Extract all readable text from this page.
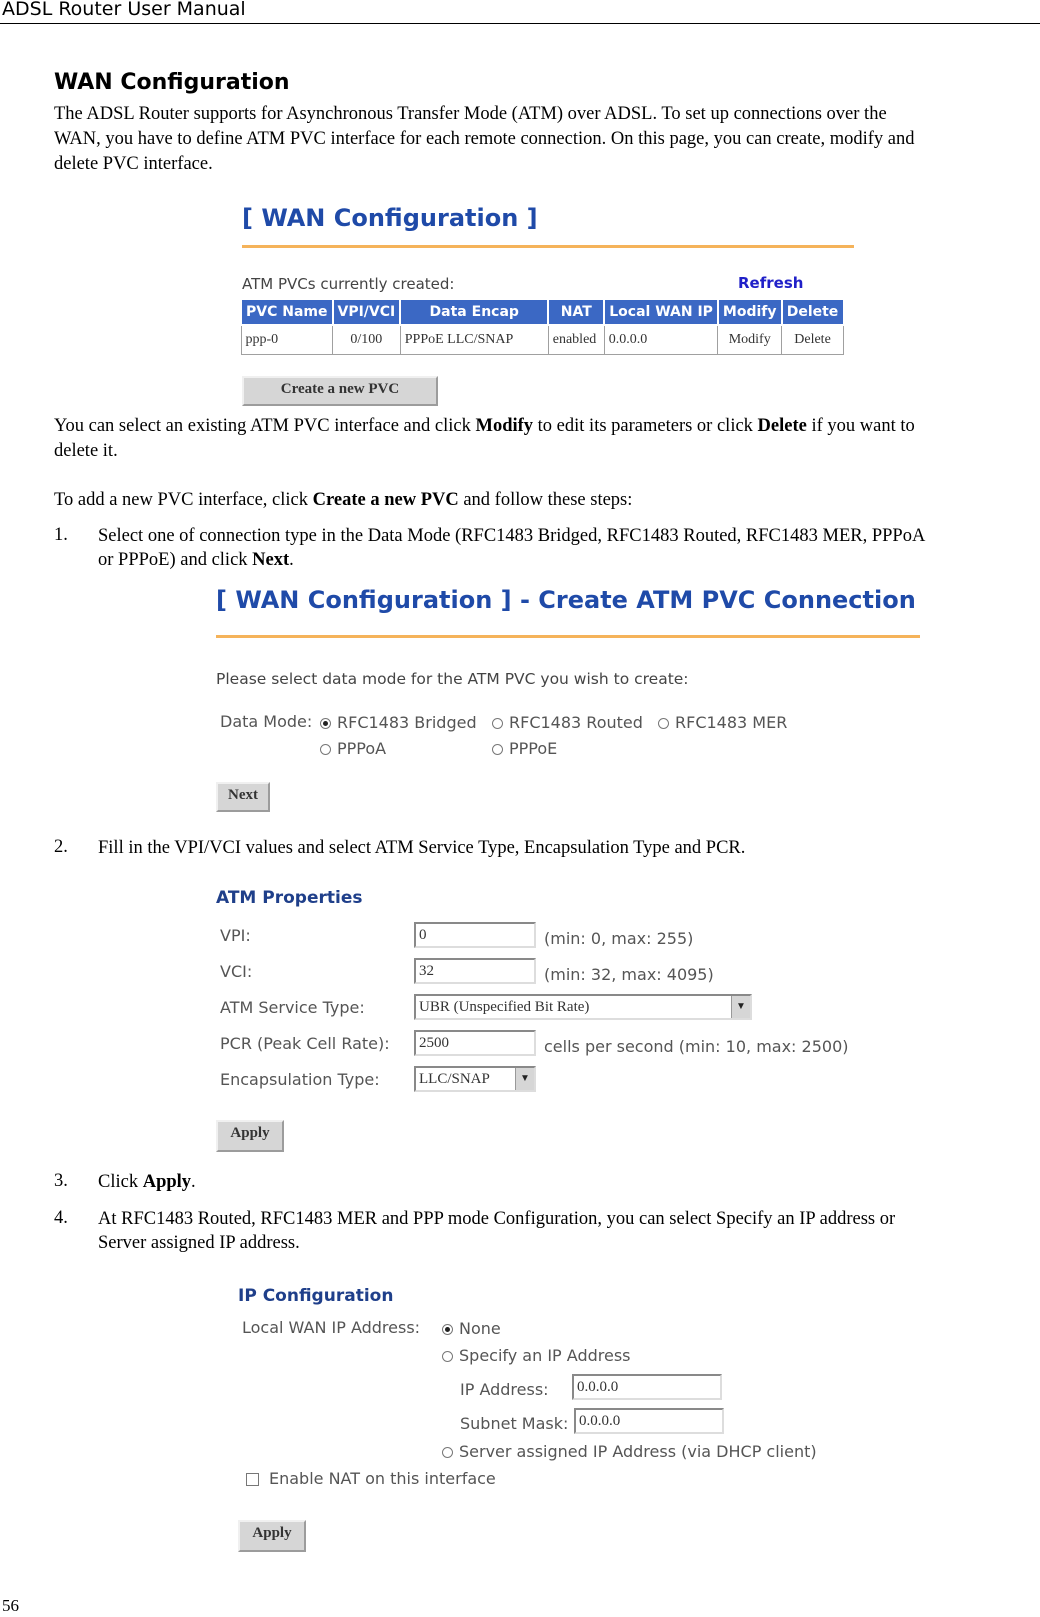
ADSL Router User Manual
WAN Configuration
The ADSL Router supports for Asynchronous Transfer Mode (ATM) over ADSL. To set up connections over the
WAN, you have to define ATM PVC interface for each remote connection. On this page, you can create, modify and
delete PVC interface.
[ WAN Configuration ]
ATM PVCs currently created:	Refresh
PVC Name	VPI/VCI	Data Encap	NAT	Local WAN IP	Modify	Delete
ppp-0	0/100	PPPoE LLC/SNAP	enabled	0.0.0.0	Modify	Delete
Create a new PVC
You can select an existing ATM PVC interface and click Modify to edit its parameters or click Delete if you want to
delete it.
To add a new PVC interface, click Create a new PVC and follow these steps:
1. Select one of connection type in the Data Mode (RFC1483 Bridged, RFC1483 Routed, RFC1483 MER, PPPoA
or PPPoE) and click Next.
[ WAN Configuration ] - Create ATM PVC Connection
Please select data mode for the ATM PVC you wish to create:
Data Mode:	RFC1483 Bridged	RFC1483 Routed	RFC1483 MER
PPPoA	PPPoE
Next
2. Fill in the VPI/VCI values and select ATM Service Type, Encapsulation Type and PCR.
ATM Properties
VPI:	0	(min: 0, max: 255)
VCI:	32	(min: 32, max: 4095)
ATM Service Type:	UBR (Unspecified Bit Rate)	▼
PCR (Peak Cell Rate):	2500	cells per second (min: 10, max: 2500)
Encapsulation Type:	LLC/SNAP	▼
Apply
3. Click Apply.
4. At RFC1483 Routed, RFC1483 MER and PPP mode Configuration, you can select Specify an IP address or
Server assigned IP address.
IP Configuration
Local WAN IP Address:	None
Specify an IP Address
IP Address:	0.0.0.0
Subnet Mask: 0.0.0.0
Server assigned IP Address (via DHCP client)
Enable NAT on this interface
Apply
56
